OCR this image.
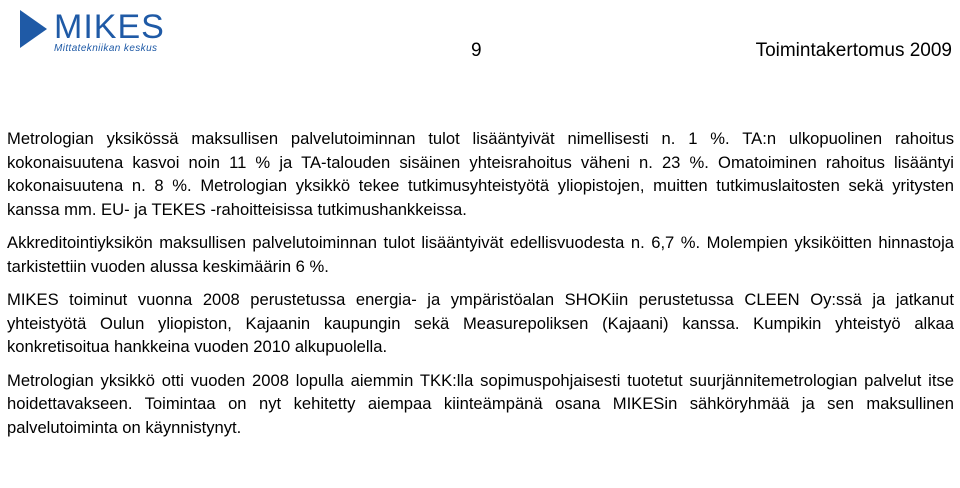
MIKES
Mittatekniikan keskus	9	Toimintakertomus 2009

Metrologian yksikössä maksullisen palvelutoiminnan tulot lisääntyivät nimellisesti n. 1 %. TA:n ulkopuolinen rahoitus kokonaisuutena kasvoi noin 11 % ja TA-talouden sisäinen yhteisrahoitus väheni n. 23 %. Omatoiminen rahoitus lisääntyi kokonaisuutena n. 8 %. Metrologian yksikkö tekee tutkimusyhteistyötä yliopistojen, muitten tutkimuslaitosten sekä yritysten kanssa mm. EU- ja TEKES -rahoitteisissa tutkimushankkeissa.

Akkreditointiyksikön maksullisen palvelutoiminnan tulot lisääntyivät edellisvuodesta n. 6,7 %. Molempien yksiköitten hinnastoja tarkistettiin vuoden alussa keskimäärin 6 %.

MIKES toiminut vuonna 2008 perustetussa energia- ja ympäristöalan SHOKiin perustetussa CLEEN Oy:ssä ja jatkanut yhteistyötä Oulun yliopiston, Kajaanin kaupungin sekä Measurepoliksen (Kajaani) kanssa. Kumpikin yhteistyö alkaa konkretisoitua hankkeina vuoden 2010 alkupuolella.

Metrologian yksikkö otti vuoden 2008 lopulla aiemmin TKK:lla sopimuspohjaisesti tuotetut suurjännitemetrologian palvelut itse hoidettavakseen. Toimintaa on nyt kehitetty aiempaa kiinteämpänä osana MIKESin sähköryhmää ja sen maksullinen palvelutoiminta on käynnistynyt.
